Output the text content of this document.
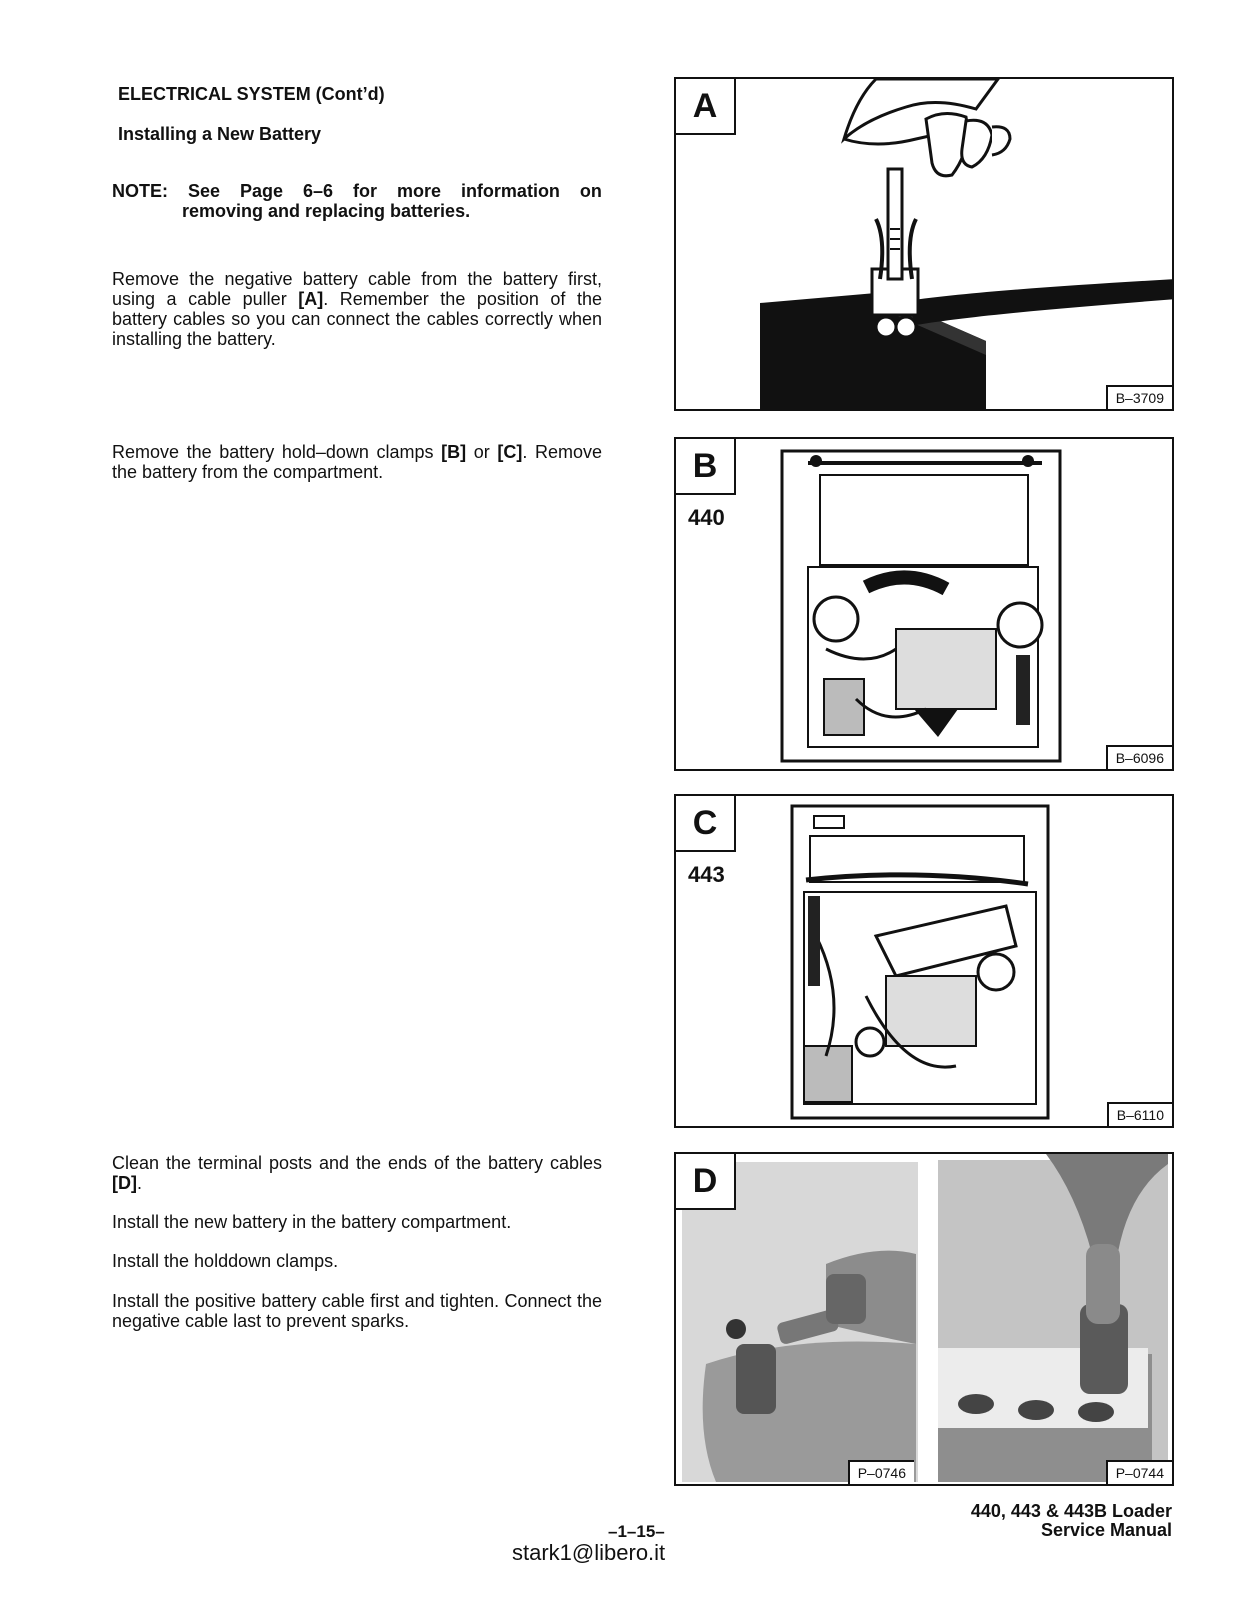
ELECTRICAL SYSTEM (Cont’d)
Installing a New Battery
NOTE: See Page 6–6 for more information on
removing and replacing batteries.
Remove the negative battery cable from the battery first, using a cable puller [A]. Remember the position of the battery cables so you can connect the cables correctly when installing the battery.
Remove the battery hold–down clamps [B] or [C]. Remove the battery from the compartment.
Clean the terminal posts and the ends of the battery cables [D].
Install the new battery in the battery compartment.
Install the holddown clamps.
Install the positive battery cable first and tighten. Connect the negative cable last to prevent sparks.
A
B–3709
B
440
B–6096
C
443
B–6110
D
P–0746	P–0744
440, 443 & 443B Loader
Service Manual
–1–15–
stark1@libero.it
